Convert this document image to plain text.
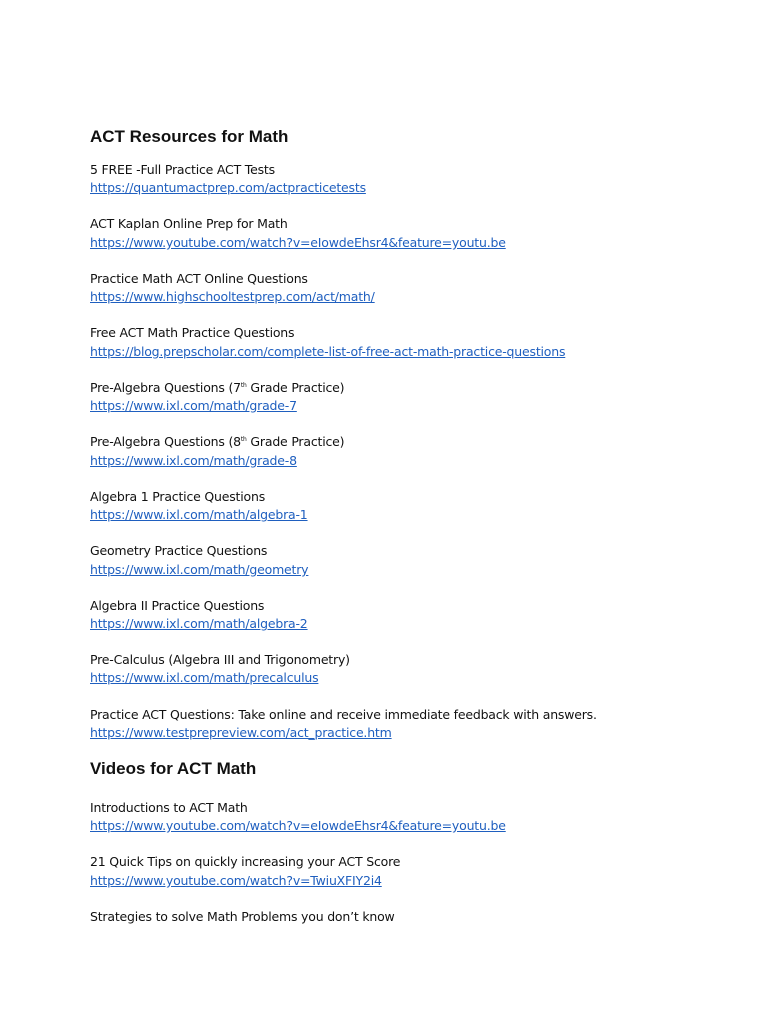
ACT Resources for Math

5 FREE -Full Practice ACT Tests

https://quantumactprep.com/actpracticetests

ACT Kaplan Online Prep for Math

https://www.youtube.com/watch?v=eIowdeEhsr4&feature=youtu.be

Practice Math ACT Online Questions

https://www.highschooltestprep.com/act/math/

Free ACT Math Practice Questions

https://blog.prepscholar.com/complete-list-of-free-act-math-practice-questions

Pre-Algebra Questions (7th Grade Practice)

https://www.ixl.com/math/grade-7

Pre-Algebra Questions (8th Grade Practice)

https://www.ixl.com/math/grade-8

Algebra 1 Practice Questions

https://www.ixl.com/math/algebra-1

Geometry Practice Questions

https://www.ixl.com/math/geometry

Algebra II Practice Questions

https://www.ixl.com/math/algebra-2

Pre-Calculus (Algebra III and Trigonometry)

https://www.ixl.com/math/precalculus

Practice ACT Questions: Take online and receive immediate feedback with answers.

https://www.testprepreview.com/act_practice.htm
Videos for ACT Math

Introductions to ACT Math

https://www.youtube.com/watch?v=eIowdeEhsr4&feature=youtu.be

21 Quick Tips on quickly increasing your ACT Score

https://www.youtube.com/watch?v=TwiuXFIY2i4

Strategies to solve Math Problems you don’t know
